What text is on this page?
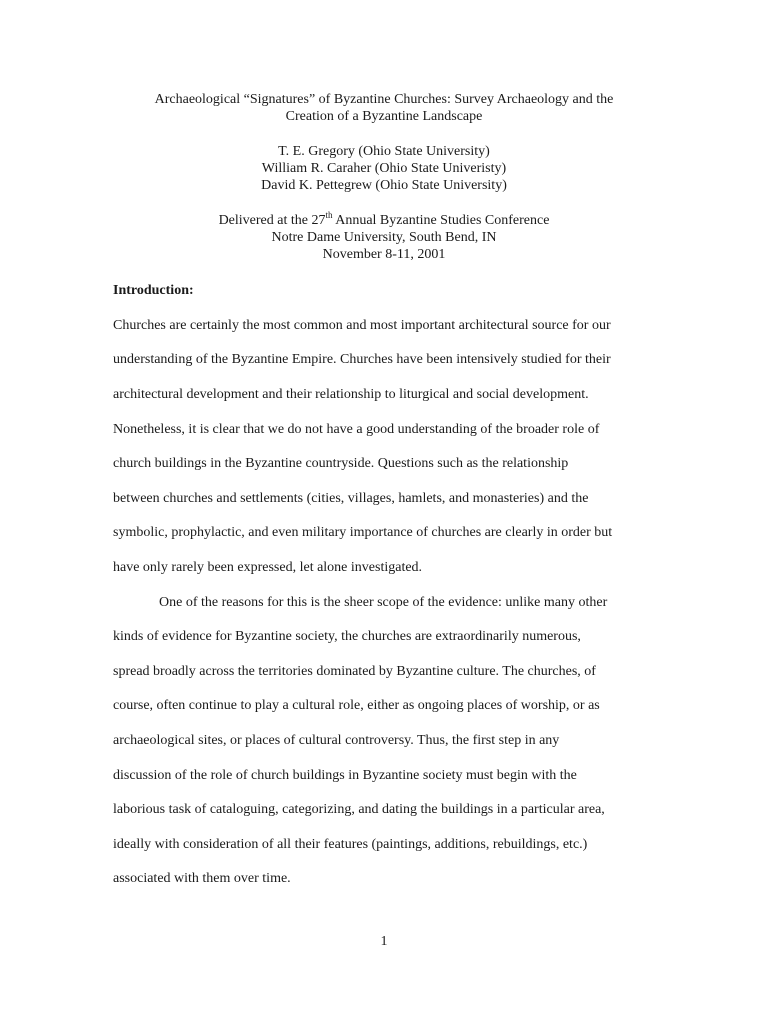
Archaeological “Signatures” of Byzantine Churches: Survey Archaeology and the
Creation of a Byzantine Landscape
T. E. Gregory (Ohio State University)
William R. Caraher (Ohio State Univeristy)
David K. Pettegrew (Ohio State University)
Delivered at the 27th Annual Byzantine Studies Conference
Notre Dame University, South Bend, IN
November 8-11, 2001
Introduction:
Churches are certainly the most common and most important architectural source for our
understanding of the Byzantine Empire. Churches have been intensively studied for their
architectural development and their relationship to liturgical and social development.
Nonetheless, it is clear that we do not have a good understanding of the broader role of
church buildings in the Byzantine countryside. Questions such as the relationship
between churches and settlements (cities, villages, hamlets, and monasteries) and the
symbolic, prophylactic, and even military importance of churches are clearly in order but
have only rarely been expressed, let alone investigated.
One of the reasons for this is the sheer scope of the evidence: unlike many other
kinds of evidence for Byzantine society, the churches are extraordinarily numerous,
spread broadly across the territories dominated by Byzantine culture. The churches, of
course, often continue to play a cultural role, either as ongoing places of worship, or as
archaeological sites, or places of cultural controversy. Thus, the first step in any
discussion of the role of church buildings in Byzantine society must begin with the
laborious task of cataloguing, categorizing, and dating the buildings in a particular area,
ideally with consideration of all their features (paintings, additions, rebuildings, etc.)
associated with them over time.
1
